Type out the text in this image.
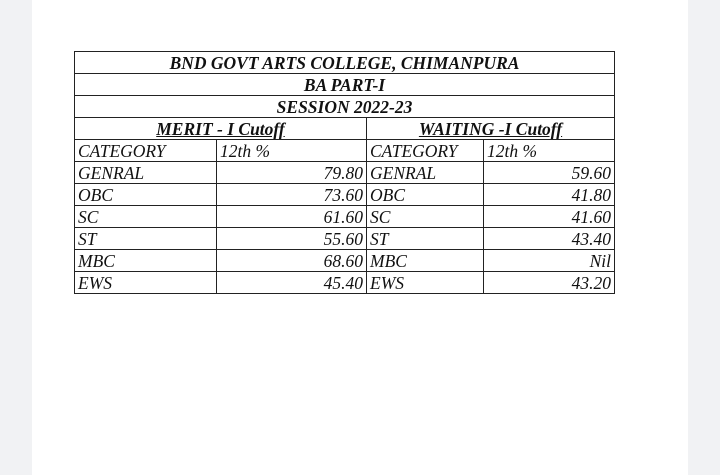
BND GOVT ARTS COLLEGE, CHIMANPURA			
BA PART-I			
SESSION 2022-23			
MERIT - I Cutoff		WAITING -I Cutoff	
CATEGORY	12th %	CATEGORY	12th %
GENRAL	79.80	GENRAL	59.60
OBC	73.60	OBC	41.80
SC	61.60	SC	41.60
ST	55.60	ST	43.40
MBC	68.60	MBC	Nil
EWS	45.40	EWS	43.20
